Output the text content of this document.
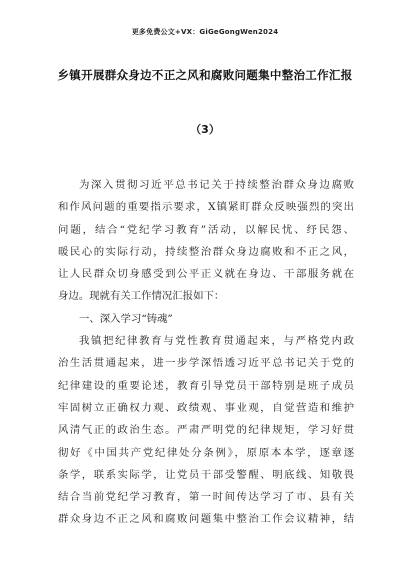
更多免费公文+VX：GiGeGongWen2024
乡镇开展群众身边不正之风和腐败问题集中整治工作汇报
（3）
为深入贯彻习近平总书记关于持续整治群众身边腐败
和作风问题的重要指示要求，X镇紧盯群众反映强烈的突出
问题，结合“党纪学习教育”活动，以解民忧、纾民怨、
暖民心的实际行动，持续整治群众身边腐败和不正之风，
让人民群众切身感受到公平正义就在身边、干部服务就在
身边。现就有关工作情况汇报如下：
一、深入学习“铸魂”
我镇把纪律教育与党性教育贯通起来，与严格党内政
治生活贯通起来，进一步学深悟透习近平总书记关于党的
纪律建设的重要论述，教育引导党员干部特别是班子成员
牢固树立正确权力观、政绩观、事业观，自觉营造和维护
风清气正的政治生态。严肃严明党的纪律规矩，学习好贯
彻好《中国共产党纪律处分条例》，原原本本学，逐章逐
条学，联系实际学，让党员干部受警醒、明底线、知敬畏
结合当前党纪学习教育，第一时间传达学习了市、县有关
群众身边不正之风和腐败问题集中整治工作会议精神，结
